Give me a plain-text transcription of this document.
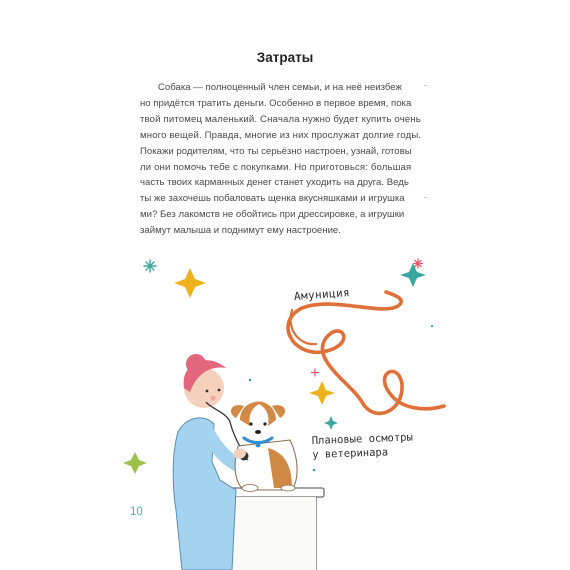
Затраты

Собака — полноценный член семьи, и на неё неизбеж
но придётся тратить деньги. Особенно в первое время, пока
твой питомец маленький. Сначала нужно будет купить очень
много вещей. Правда, многие из них прослужат долгие годы.
Покажи родителям, что ты серьёзно настроен, узнай, готовы
ли они помочь тебе с покупками. Но приготовься: большая
часть твоих карманных денег станет уходить на друга. Ведь
ты же захочешь побаловать щенка вкусняшками и игрушка
ми? Без лакомств не обойтись при дрессировке, а игрушки
займут малыша и поднимут ему настроение.

-
-
Амуниция
Плановые осмотры
у ветеринара
10
